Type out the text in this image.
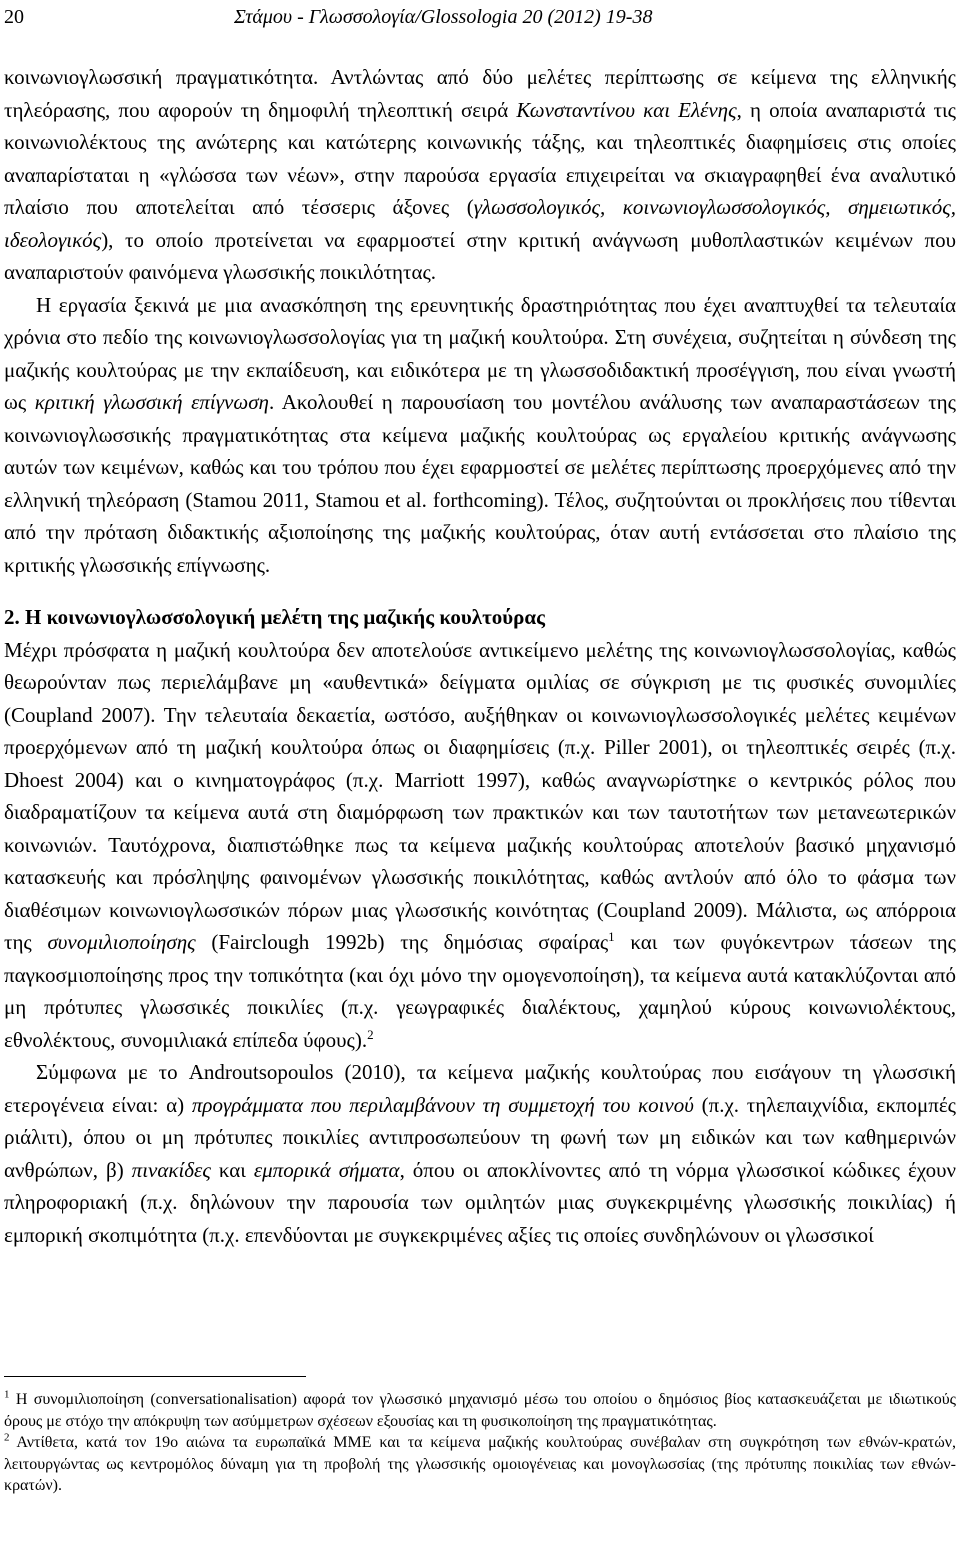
20	Στάμου - Γλωσσολογία/Glossologia 20 (2012) 19-38

κοινωνιογλωσσική πραγματικότητα. Αντλώντας από δύο μελέτες περίπτωσης σε κείμενα της ελληνικής τηλεόρασης, που αφορούν τη δημοφιλή τηλεοπτική σειρά Κωνσταντίνου και Ελένης, η οποία αναπαριστά τις κοινωνιολέκτους της ανώτερης και κατώτερης κοινωνικής τάξης, και τηλεοπτικές διαφημίσεις στις οποίες αναπαρίσταται η «γλώσσα των νέων», στην παρούσα εργασία επιχειρείται να σκιαγραφηθεί ένα αναλυτικό πλαίσιο που αποτελείται από τέσσερις άξονες (γλωσσολογικός, κοινωνιογλωσσολογικός, σημειωτικός, ιδεολογικός), το οποίο προτείνεται να εφαρμοστεί στην κριτική ανάγνωση μυθοπλαστικών κειμένων που αναπαριστούν φαινόμενα γλωσσικής ποικιλότητας.

Η εργασία ξεκινά με μια ανασκόπηση της ερευνητικής δραστηριότητας που έχει αναπτυχθεί τα τελευταία χρόνια στο πεδίο της κοινωνιογλωσσολογίας για τη μαζική κουλτούρα. Στη συνέχεια, συζητείται η σύνδεση της μαζικής κουλτούρας με την εκπαίδευση, και ειδικότερα με τη γλωσσοδιδακτική προσέγγιση, που είναι γνωστή ως κριτική γλωσσική επίγνωση. Ακολουθεί η παρουσίαση του μοντέλου ανάλυσης των αναπαραστάσεων της κοινωνιογλωσσικής πραγματικότητας στα κείμενα μαζικής κουλτούρας ως εργαλείου κριτικής ανάγνωσης αυτών των κειμένων, καθώς και του τρόπου που έχει εφαρμοστεί σε μελέτες περίπτωσης προερχόμενες από την ελληνική τηλεόραση (Stamou 2011, Stamou et al. forthcoming). Τέλος, συζητούνται οι προκλήσεις που τίθενται από την πρόταση διδακτικής αξιοποίησης της μαζικής κουλτούρας, όταν αυτή εντάσσεται στο πλαίσιο της κριτικής γλωσσικής επίγνωσης.

2. Η κοινωνιογλωσσολογική μελέτη της μαζικής κουλτούρας

Μέχρι πρόσφατα η μαζική κουλτούρα δεν αποτελούσε αντικείμενο μελέτης της κοινωνιογλωσσολογίας, καθώς θεωρούνταν πως περιελάμβανε μη «αυθεντικά» δείγματα ομιλίας σε σύγκριση με τις φυσικές συνομιλίες (Coupland 2007). Την τελευταία δεκαετία, ωστόσο, αυξήθηκαν οι κοινωνιογλωσσολογικές μελέτες κειμένων προερχόμενων από τη μαζική κουλτούρα όπως οι διαφημίσεις (π.χ. Piller 2001), οι τηλεοπτικές σειρές (π.χ. Dhoest 2004) και ο κινηματογράφος (π.χ. Marriott 1997), καθώς αναγνωρίστηκε ο κεντρικός ρόλος που διαδραματίζουν τα κείμενα αυτά στη διαμόρφωση των πρακτικών και των ταυτοτήτων των μετανεωτερικών κοινωνιών. Ταυτόχρονα, διαπιστώθηκε πως τα κείμενα μαζικής κουλτούρας αποτελούν βασικό μηχανισμό κατασκευής και πρόσληψης φαινομένων γλωσσικής ποικιλότητας, καθώς αντλούν από όλο το φάσμα των διαθέσιμων κοινωνιογλωσσικών πόρων μιας γλωσσικής κοινότητας (Coupland 2009). Μάλιστα, ως απόρροια της συνομιλιοποίησης (Fairclough 1992b) της δημόσιας σφαίρας$^1$ και των φυγόκεντρων τάσεων της παγκοσμιοποίησης προς την τοπικότητα (και όχι μόνο την ομογενοποίηση), τα κείμενα αυτά κατακλύζονται από μη πρότυπες γλωσσικές ποικιλίες (π.χ. γεωγραφικές διαλέκτους, χαμηλού κύρους κοινωνιολέκτους, εθνολέκτους, συνομιλιακά επίπεδα ύφους).$^2$

Σύμφωνα με το Androutsopoulos (2010), τα κείμενα μαζικής κουλτούρας που εισάγουν τη γλωσσική ετερογένεια είναι: α) προγράμματα που περιλαμβάνουν τη συμμετοχή του κοινού (π.χ. τηλεπαιχνίδια, εκπομπές ριάλιτι), όπου οι μη πρότυπες ποικιλίες αντιπροσωπεύουν τη φωνή των μη ειδικών και των καθημερινών ανθρώπων, β) πινακίδες και εμπορικά σήματα, όπου οι αποκλίνοντες από τη νόρμα γλωσσικοί κώδικες έχουν πληροφοριακή (π.χ. δηλώνουν την παρουσία των ομιλητών μιας συγκεκριμένης γλωσσικής ποικιλίας) ή εμπορική σκοπιμότητα (π.χ. επενδύονται με συγκεκριμένες αξίες τις οποίες συνδηλώνουν οι γλωσσικοί

$^1$ Η συνομιλιοποίηση (conversationalisation) αφορά τον γλωσσικό μηχανισμό μέσω του οποίου ο δημόσιος βίος κατασκευάζεται με ιδιωτικούς όρους με στόχο την απόκρυψη των ασύμμετρων σχέσεων εξουσίας και τη φυσικοποίηση της πραγματικότητας.

$^2$ Αντίθετα, κατά τον 19ο αιώνα τα ευρωπαϊκά ΜΜΕ και τα κείμενα μαζικής κουλτούρας συνέβαλαν στη συγκρότηση των εθνών-κρατών, λειτουργώντας ως κεντρομόλος δύναμη για τη προβολή της γλωσσικής ομοιογένειας και μονογλωσσίας (της πρότυπης ποικιλίας των εθνών-κρατών).
